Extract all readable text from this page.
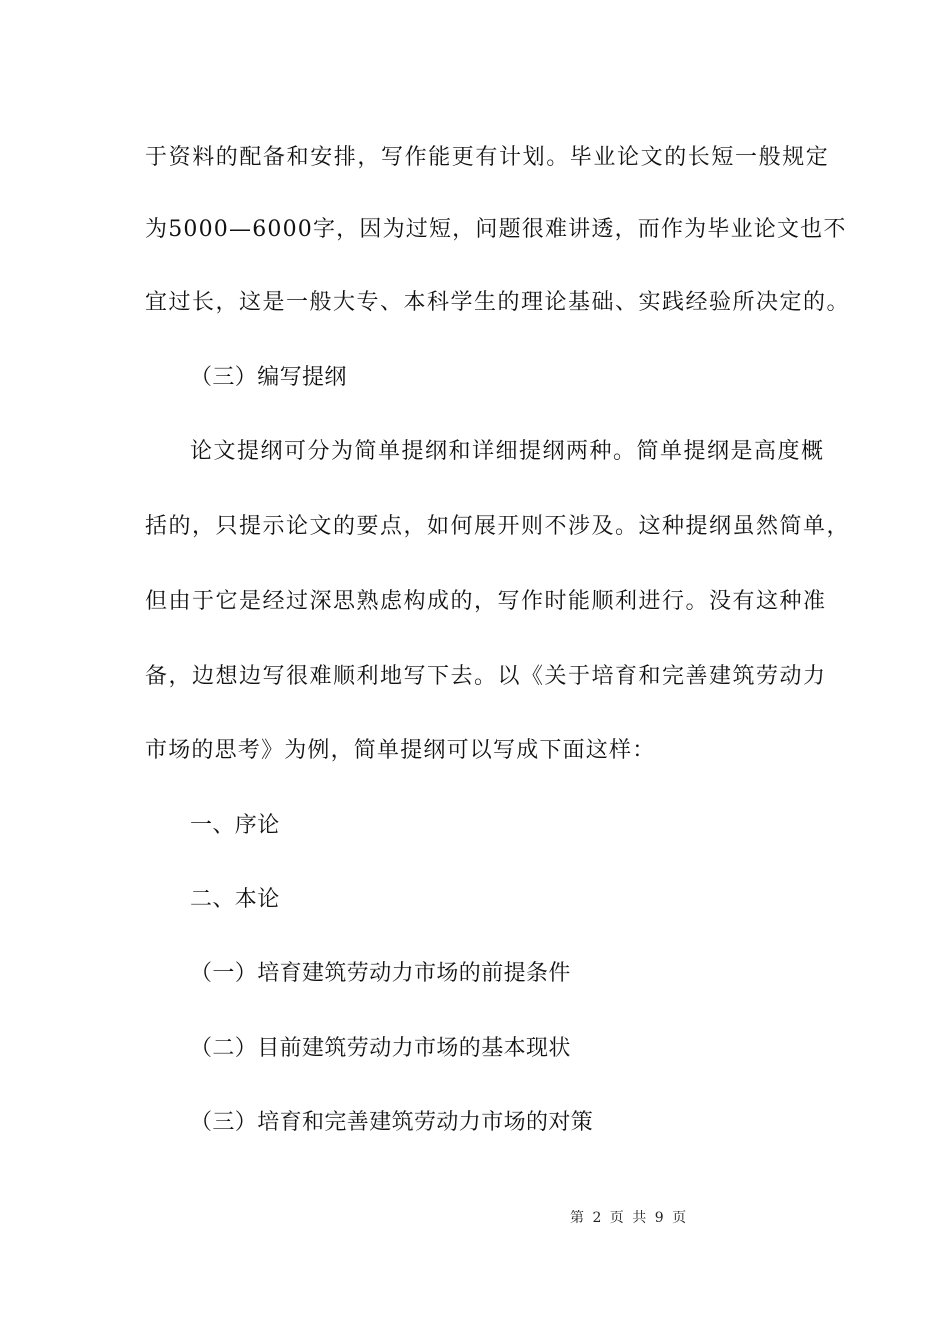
于资料的配备和安排，写作能更有计划。毕业论文的长短一般规定
为5000—6000字，因为过短，问题很难讲透，而作为毕业论文也不
宜过长，这是一般大专、本科学生的理论基础、实践经验所决定的。
（三）编写提纲
论文提纲可分为简单提纲和详细提纲两种。简单提纲是高度概
括的，只提示论文的要点，如何展开则不涉及。这种提纲虽然简单，
但由于它是经过深思熟虑构成的，写作时能顺利进行。没有这种准
备，边想边写很难顺利地写下去。以《关于培育和完善建筑劳动力
市场的思考》为例，简单提纲可以写成下面这样：
一、序论
二、本论
（一）培育建筑劳动力市场的前提条件
（二）目前建筑劳动力市场的基本现状
（三）培育和完善建筑劳动力市场的对策
第 2 页 共 9 页
